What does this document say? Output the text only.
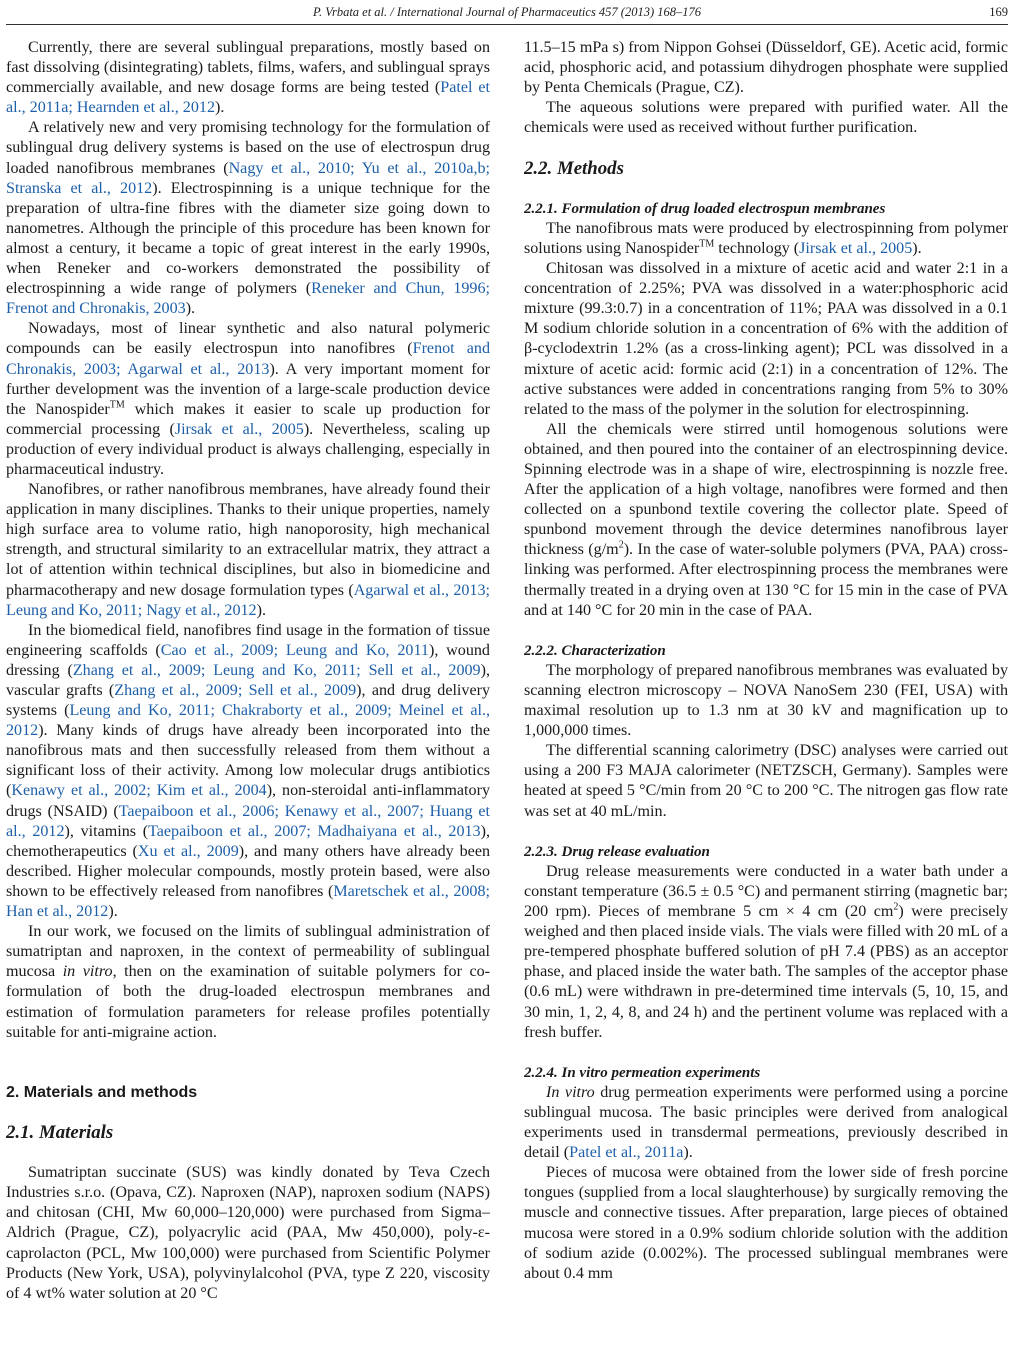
P. Vrbata et al. / International Journal of Pharmaceutics 457 (2013) 168–176	169

Currently, there are several sublingual preparations, mostly based on fast dissolving (disintegrating) tablets, films, wafers, and sublingual sprays commercially available, and new dosage forms are being tested (Patel et al., 2011a; Hearnden et al., 2012).

A relatively new and very promising technology for the formulation of sublingual drug delivery systems is based on the use of electrospun drug loaded nanofibrous membranes (Nagy et al., 2010; Yu et al., 2010a,b; Stranska et al., 2012). Electrospinning is a unique technique for the preparation of ultra-fine fibres with the diameter size going down to nanometres. Although the principle of this procedure has been known for almost a century, it became a topic of great interest in the early 1990s, when Reneker and co-workers demonstrated the possibility of electrospinning a wide range of polymers (Reneker and Chun, 1996; Frenot and Chronakis, 2003).

Nowadays, most of linear synthetic and also natural polymeric compounds can be easily electrospun into nanofibres (Frenot and Chronakis, 2003; Agarwal et al., 2013). A very important moment for further development was the invention of a large-scale production device the Nanospider™ which makes it easier to scale up production for commercial processing (Jirsak et al., 2005). Nevertheless, scaling up production of every individual product is always challenging, especially in pharmaceutical industry.

Nanofibres, or rather nanofibrous membranes, have already found their application in many disciplines. Thanks to their unique properties, namely high surface area to volume ratio, high nanoporosity, high mechanical strength, and structural similarity to an extracellular matrix, they attract a lot of attention within technical disciplines, but also in biomedicine and pharmacotherapy and new dosage formulation types (Agarwal et al., 2013; Leung and Ko, 2011; Nagy et al., 2012).

In the biomedical field, nanofibres find usage in the formation of tissue engineering scaffolds (Cao et al., 2009; Leung and Ko, 2011), wound dressing (Zhang et al., 2009; Leung and Ko, 2011; Sell et al., 2009), vascular grafts (Zhang et al., 2009; Sell et al., 2009), and drug delivery systems (Leung and Ko, 2011; Chakraborty et al., 2009; Meinel et al., 2012). Many kinds of drugs have already been incorporated into the nanofibrous mats and then successfully released from them without a significant loss of their activity. Among low molecular drugs antibiotics (Kenawy et al., 2002; Kim et al., 2004), non-steroidal anti-inflammatory drugs (NSAID) (Taepaiboon et al., 2006; Kenawy et al., 2007; Huang et al., 2012), vitamins (Taepaiboon et al., 2007; Madhaiyana et al., 2013), chemotherapeutics (Xu et al., 2009), and many others have already been described. Higher molecular compounds, mostly protein based, were also shown to be effectively released from nanofibres (Maretschek et al., 2008; Han et al., 2012).

In our work, we focused on the limits of sublingual administration of sumatriptan and naproxen, in the context of permeability of sublingual mucosa in vitro, then on the examination of suitable polymers for co-formulation of both the drug-loaded electrospun membranes and estimation of formulation parameters for release profiles potentially suitable for anti-migraine action.

2. Materials and methods
2.1. Materials

Sumatriptan succinate (SUS) was kindly donated by Teva Czech Industries s.r.o. (Opava, CZ). Naproxen (NAP), naproxen sodium (NAPS) and chitosan (CHI, Mw 60,000–120,000) were purchased from Sigma–Aldrich (Prague, CZ), polyacrylic acid (PAA, Mw 450,000), poly-ε-caprolacton (PCL, Mw 100,000) were purchased from Scientific Polymer Products (New York, USA), polyvinylalcohol (PVA, type Z 220, viscosity of 4 wt% water solution at 20 °C

11.5–15 mPa s) from Nippon Gohsei (Düsseldorf, GE). Acetic acid, formic acid, phosphoric acid, and potassium dihydrogen phosphate were supplied by Penta Chemicals (Prague, CZ).

The aqueous solutions were prepared with purified water. All the chemicals were used as received without further purification.

2.2. Methods
2.2.1. Formulation of drug loaded electrospun membranes

The nanofibrous mats were produced by electrospinning from polymer solutions using Nanospider™ technology (Jirsak et al., 2005).

Chitosan was dissolved in a mixture of acetic acid and water 2:1 in a concentration of 2.25%; PVA was dissolved in a water:phosphoric acid mixture (99.3:0.7) in a concentration of 11%; PAA was dissolved in a 0.1 M sodium chloride solution in a concentration of 6% with the addition of β-cyclodextrin 1.2% (as a cross-linking agent); PCL was dissolved in a mixture of acetic acid: formic acid (2:1) in a concentration of 12%. The active substances were added in concentrations ranging from 5% to 30% related to the mass of the polymer in the solution for electrospinning.

All the chemicals were stirred until homogenous solutions were obtained, and then poured into the container of an electrospinning device. Spinning electrode was in a shape of wire, electrospinning is nozzle free. After the application of a high voltage, nanofibres were formed and then collected on a spunbond textile covering the collector plate. Speed of spunbond movement through the device determines nanofibrous layer thickness $(g/m^2)$. In the case of water-soluble polymers (PVA, PAA) cross-linking was performed. After electrospinning process the membranes were thermally treated in a drying oven at 130 °C for 15 min in the case of PVA and at 140 °C for 20 min in the case of PAA.

2.2.2. Characterization

The morphology of prepared nanofibrous membranes was evaluated by scanning electron microscopy – NOVA NanoSem 230 (FEI, USA) with maximal resolution up to 1.3 nm at 30 kV and magnification up to 1,000,000 times.

The differential scanning calorimetry (DSC) analyses were carried out using a 200 F3 MAJA calorimeter (NETZSCH, Germany). Samples were heated at speed 5 °C/min from 20 °C to 200 °C. The nitrogen gas flow rate was set at 40 mL/min.

2.2.3. Drug release evaluation

Drug release measurements were conducted in a water bath under a constant temperature (36.5 ± 0.5 °C) and permanent stirring (magnetic bar; 200 rpm). Pieces of membrane 5 cm × 4 cm (20 $cm^2$) were precisely weighed and then placed inside vials. The vials were filled with 20 mL of a pre-tempered phosphate buffered solution of pH 7.4 (PBS) as an acceptor phase, and placed inside the water bath. The samples of the acceptor phase (0.6 mL) were withdrawn in pre-determined time intervals (5, 10, 15, and 30 min, 1, 2, 4, 8, and 24 h) and the pertinent volume was replaced with a fresh buffer.

2.2.4. In vitro permeation experiments

In vitro drug permeation experiments were performed using a porcine sublingual mucosa. The basic principles were derived from analogical experiments used in transdermal permeations, previously described in detail (Patel et al., 2011a).

Pieces of mucosa were obtained from the lower side of fresh porcine tongues (supplied from a local slaughterhouse) by surgically removing the muscle and connective tissues. After preparation, large pieces of obtained mucosa were stored in a 0.9% sodium chloride solution with the addition of sodium azide (0.002%). The processed sublingual membranes were about 0.4 mm
